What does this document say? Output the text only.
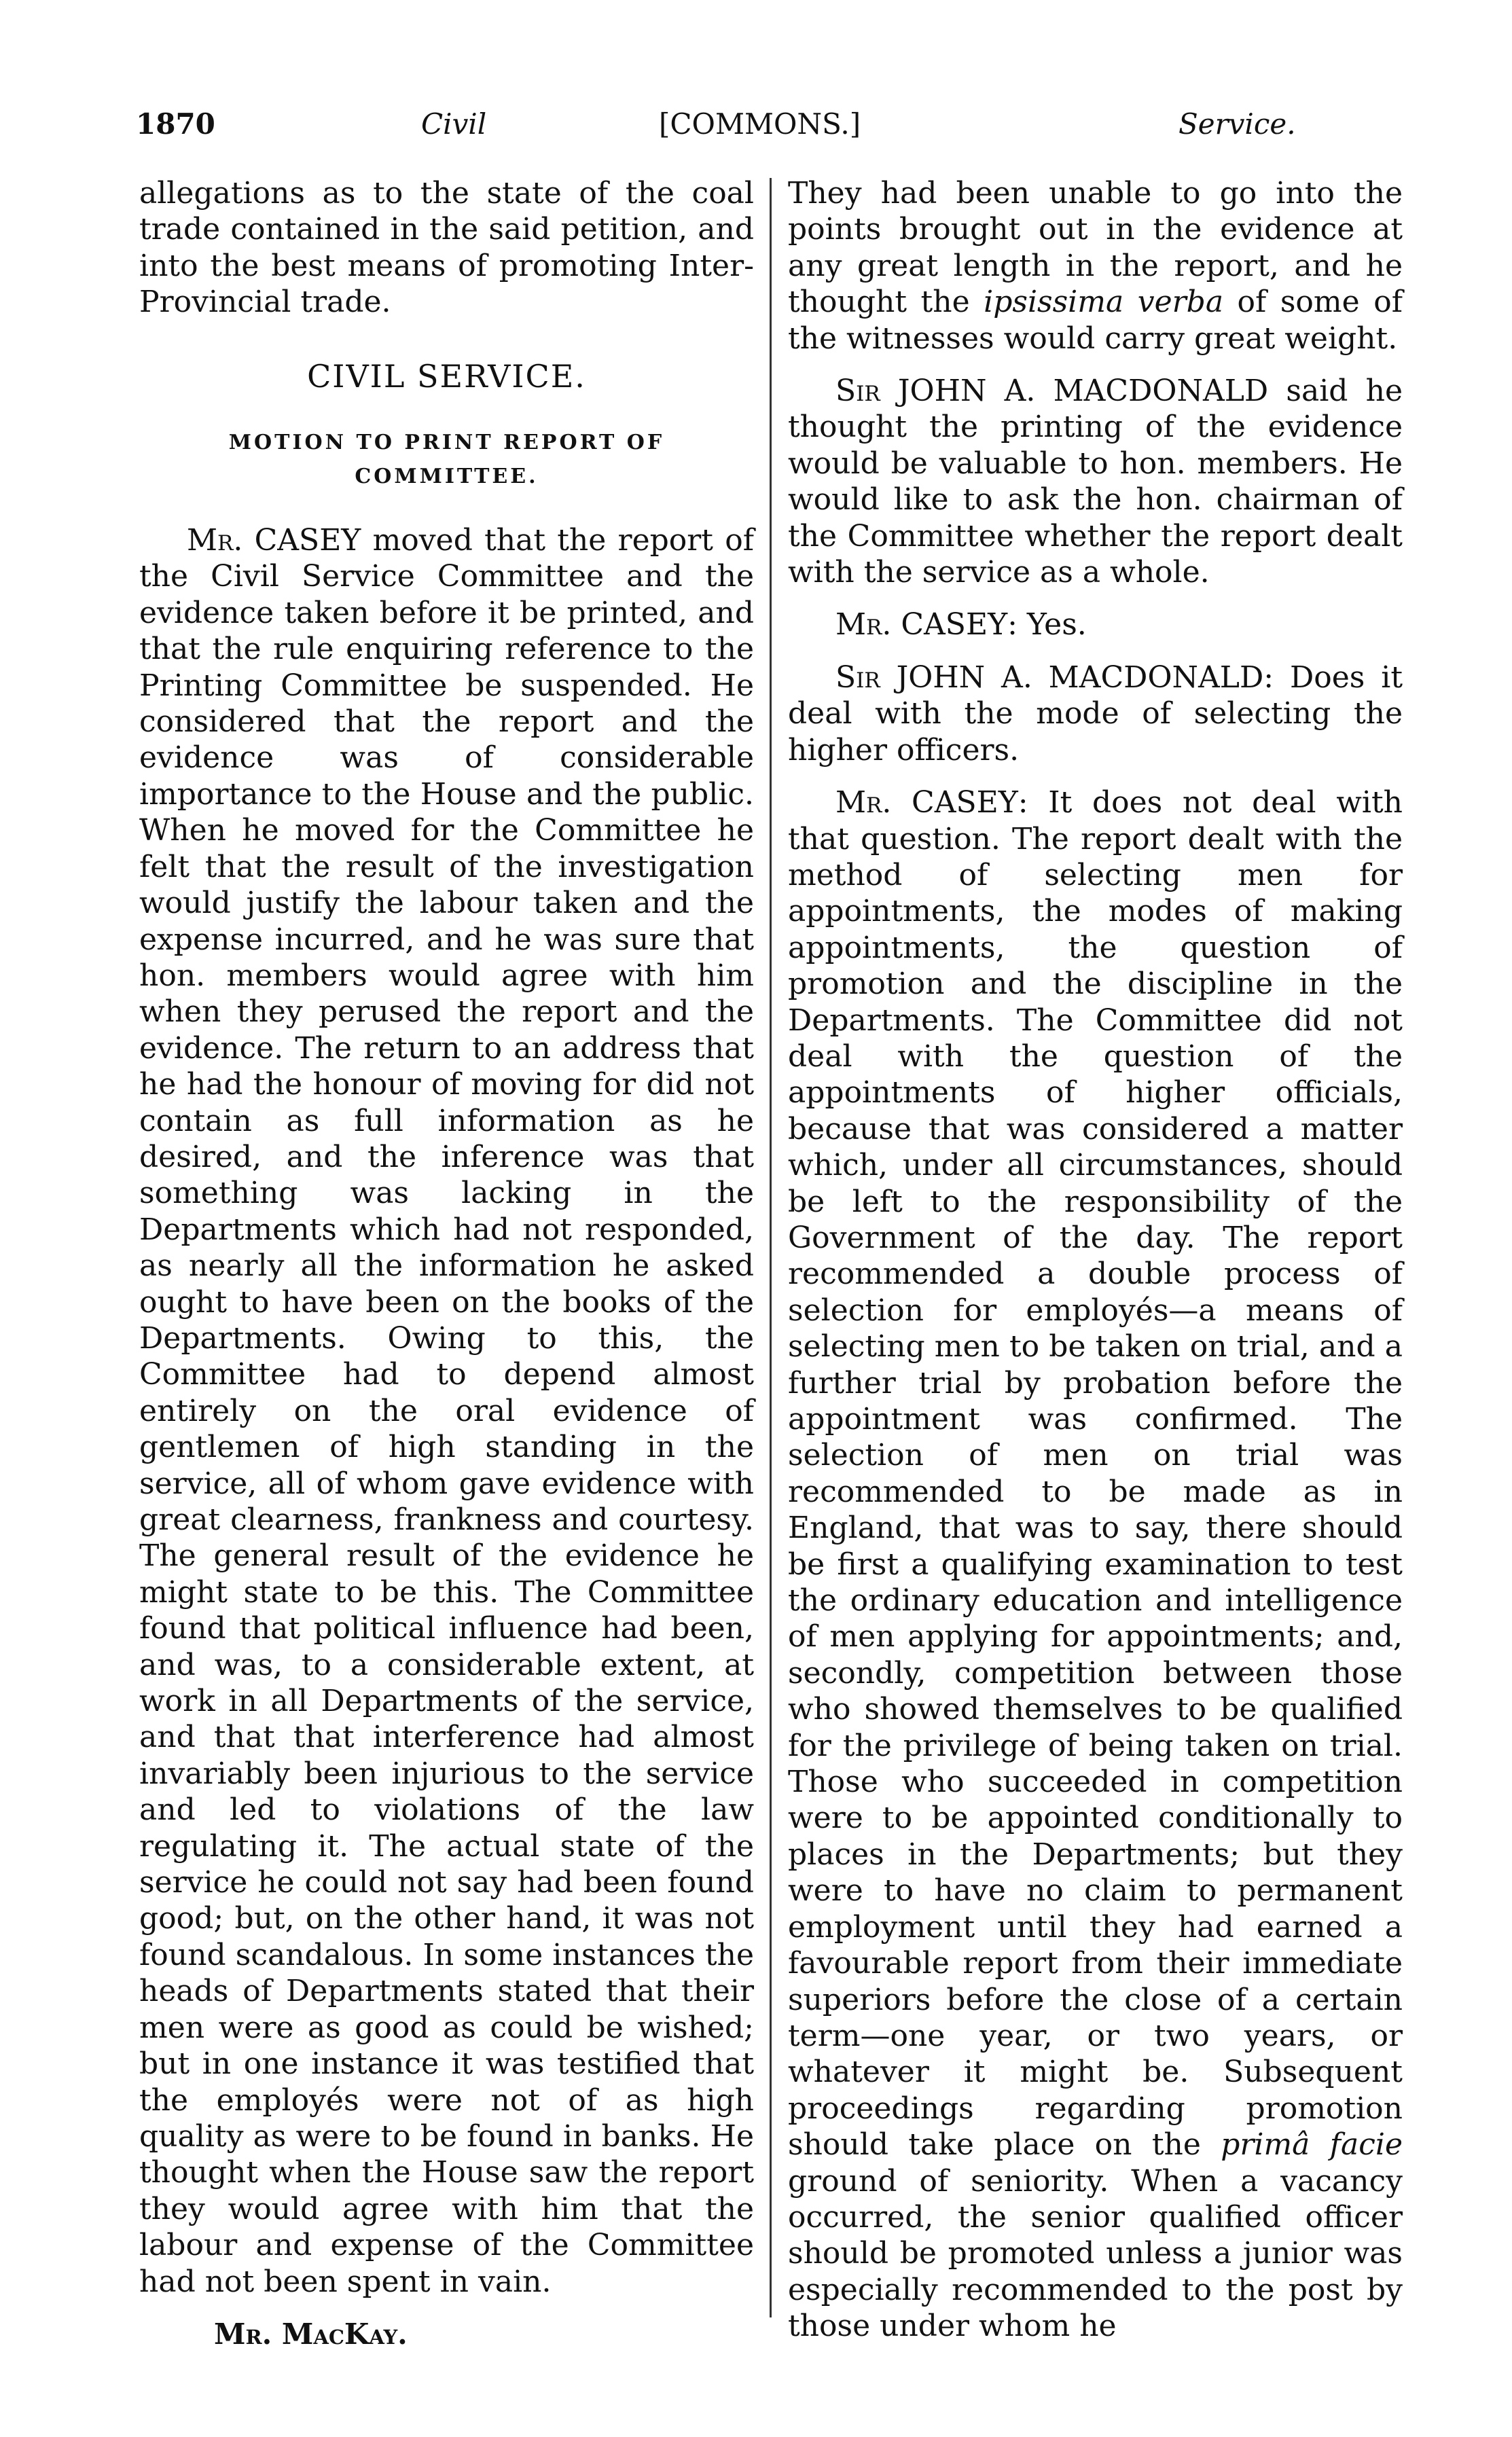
1870	Civil	[COMMONS.]	Service.

allegations as to the state of the coal trade contained in the said petition, and into the best means of promoting Inter-Provincial trade.

CIVIL SERVICE.
MOTION TO PRINT REPORT OF COMMITTEE.

Mr. CASEY moved that the report of the Civil Service Committee and the evidence taken before it be printed, and that the rule enquiring reference to the Printing Committee be suspended. He considered that the report and the evidence was of considerable importance to the House and the public. When he moved for the Committee he felt that the result of the investigation would justify the labour taken and the expense incurred, and he was sure that hon. members would agree with him when they perused the report and the evidence. The return to an address that he had the honour of moving for did not contain as full information as he desired, and the inference was that something was lacking in the Departments which had not responded, as nearly all the information he asked ought to have been on the books of the Departments. Owing to this, the Committee had to depend almost entirely on the oral evidence of gentlemen of high standing in the service, all of whom gave evidence with great clearness, frankness and courtesy. The general result of the evidence he might state to be this. The Committee found that political influence had been, and was, to a considerable extent, at work in all Departments of the service, and that that interference had almost invariably been injurious to the service and led to violations of the law regulating it. The actual state of the service he could not say had been found good; but, on the other hand, it was not found scandalous. In some instances the heads of Departments stated that their men were as good as could be wished; but in one instance it was testified that the employés were not of as high quality as were to be found in banks. He thought when the House saw the report they would agree with him that the labour and expense of the Committee had not been spent in vain.

Mr. MacKay.

They had been unable to go into the points brought out in the evidence at any great length in the report, and he thought the ipsissima verba of some of the witnesses would carry great weight.

Sir JOHN A. MACDONALD said he thought the printing of the evidence would be valuable to hon. members. He would like to ask the hon. chairman of the Committee whether the report dealt with the service as a whole.

Mr. CASEY: Yes.

Sir JOHN A. MACDONALD: Does it deal with the mode of selecting the higher officers.

Mr. CASEY: It does not deal with that question. The report dealt with the method of selecting men for appointments, the modes of making appointments, the question of promotion and the discipline in the Departments. The Committee did not deal with the question of the appointments of higher officials, because that was considered a matter which, under all circumstances, should be left to the responsibility of the Government of the day. The report recommended a double process of selection for employés—a means of selecting men to be taken on trial, and a further trial by probation before the appointment was confirmed. The selection of men on trial was recommended to be made as in England, that was to say, there should be first a qualifying examination to test the ordinary education and intelligence of men applying for appointments; and, secondly, competition between those who showed themselves to be qualified for the privilege of being taken on trial. Those who succeeded in competition were to be appointed conditionally to places in the Departments; but they were to have no claim to permanent employment until they had earned a favourable report from their immediate superiors before the close of a certain term—one year, or two years, or whatever it might be. Subsequent proceedings regarding promotion should take place on the primâ facie ground of seniority. When a vacancy occurred, the senior qualified officer should be promoted unless a junior was especially recommended to the post by those under whom he
